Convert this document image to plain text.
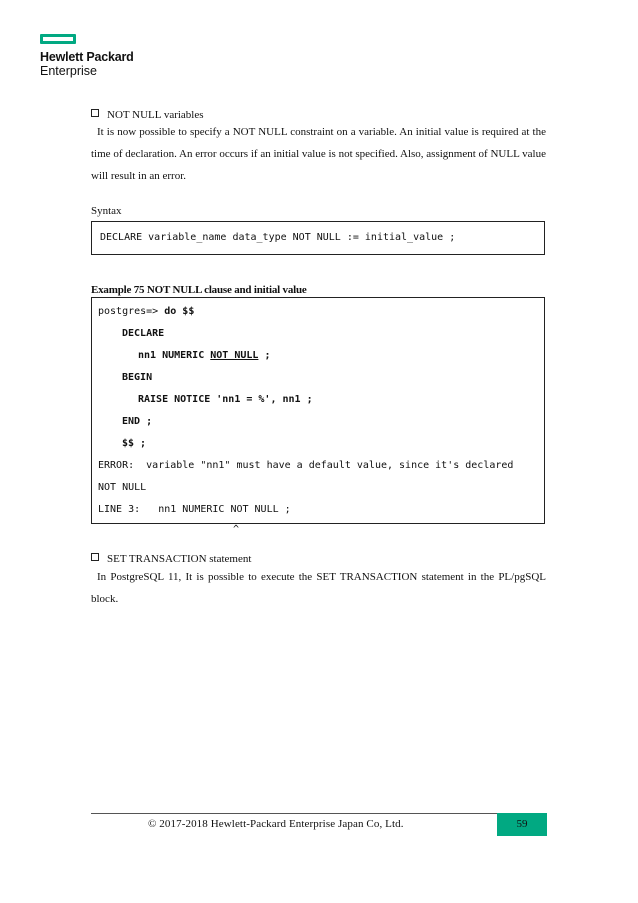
Hewlett Packard
Enterprise
NOT NULL variables
It is now possible to specify a NOT NULL constraint on a variable. An initial value is required at the time of declaration. An error occurs if an initial value is not specified. Also, assignment of NULL value will result in an error.
Syntax
DECLARE variable_name data_type NOT NULL := initial_value ;
Example 75 NOT NULL clause and initial value
postgres=> do $$
DECLARE
nn1 NUMERIC NOT NULL ;
BEGIN
RAISE NOTICE 'nn1 = %', nn1 ;
END ;
$$ ;
ERROR:  variable "nn1" must have a default value, since it's declared
NOT NULL
LINE 3:   nn1 NUMERIC NOT NULL ;
^
SET TRANSACTION statement
In PostgreSQL 11, It is possible to execute the SET TRANSACTION statement in the PL/pgSQL block.
© 2017-2018 Hewlett-Packard Enterprise Japan Co, Ltd.	59
